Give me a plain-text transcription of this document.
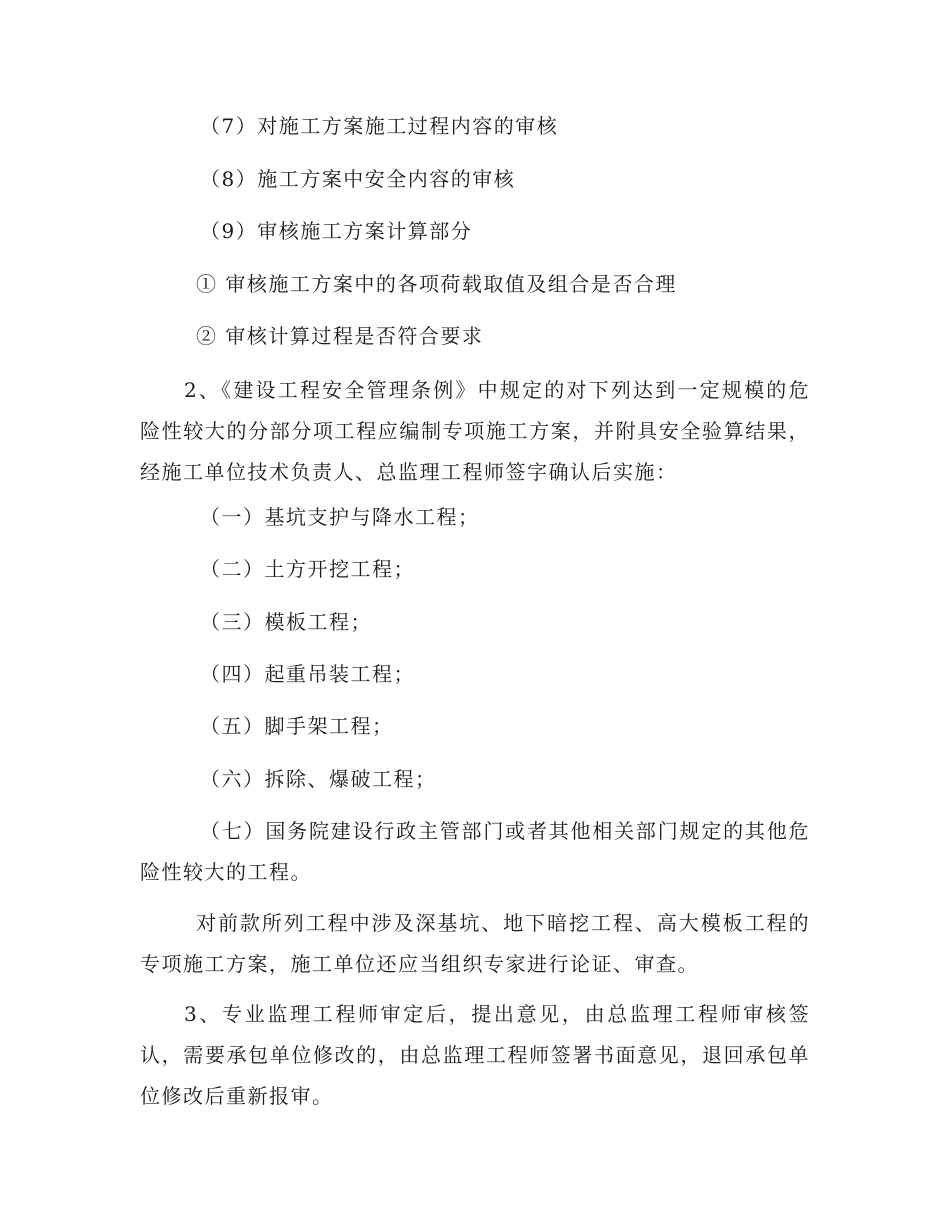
（7）对施工方案施工过程内容的审核
（8）施工方案中安全内容的审核
（9）审核施工方案计算部分
① 审核施工方案中的各项荷载取值及组合是否合理
② 审核计算过程是否符合要求

2、《建设工程安全管理条例》中规定的对下列达到一定规模的危险性较大的分部分项工程应编制专项施工方案，并附具安全验算结果，经施工单位技术负责人、总监理工程师签字确认后实施：

（一）基坑支护与降水工程；
（二）土方开挖工程；
（三）模板工程；
（四）起重吊装工程；
（五）脚手架工程；
（六）拆除、爆破工程；

（七）国务院建设行政主管部门或者其他相关部门规定的其他危险性较大的工程。

对前款所列工程中涉及深基坑、地下暗挖工程、高大模板工程的专项施工方案，施工单位还应当组织专家进行论证、审查。

3、专业监理工程师审定后，提出意见，由总监理工程师审核签认，需要承包单位修改的，由总监理工程师签署书面意见，退回承包单位修改后重新报审。
